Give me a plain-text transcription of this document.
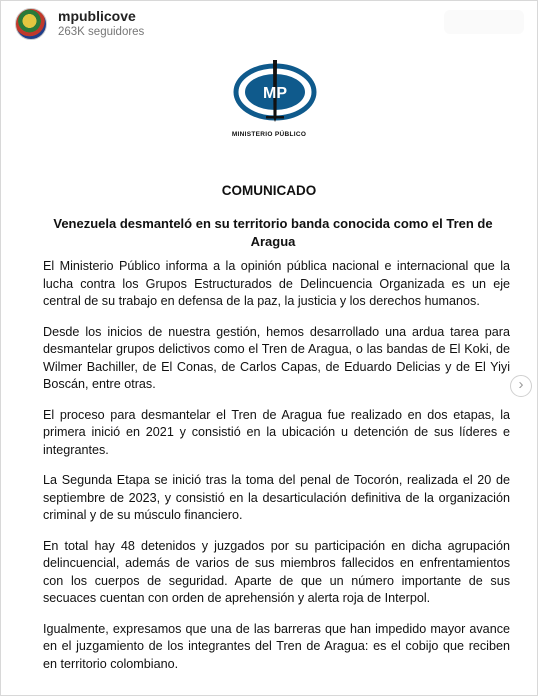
mpublicove
263K seguidores
MP
MINISTERIO PÚBLICO
COMUNICADO
Venezuela desmanteló en su territorio banda conocida como el Tren de Aragua

El Ministerio Público informa a la opinión pública nacional e internacional que la lucha contra los Grupos Estructurados de Delincuencia Organizada es un eje central de su trabajo en defensa de la paz, la justicia y los derechos humanos.

Desde los inicios de nuestra gestión, hemos desarrollado una ardua tarea para desmantelar grupos delictivos como el Tren de Aragua, o las bandas de El Koki, de Wilmer Bachiller, de El Conas, de Carlos Capas, de Eduardo Delicias y de El Yiyi Boscán, entre otras.

El proceso para desmantelar el Tren de Aragua fue realizado en dos etapas, la primera inició en 2021 y consistió en la ubicación u detención de sus líderes e integrantes.

La Segunda Etapa se inició tras la toma del penal de Tocorón, realizada el 20 de septiembre de 2023, y consistió en la desarticulación definitiva de la organización criminal y de su músculo financiero.

En total hay 48 detenidos y juzgados por su participación en dicha agrupación delincuencial, además de varios de sus miembros fallecidos en enfrentamientos con los cuerpos de seguridad. Aparte de que un número importante de sus secuaces cuentan con orden de aprehensión y alerta roja de Interpol.

Igualmente, expresamos que una de las barreras que han impedido mayor avance en el juzgamiento de los integrantes del Tren de Aragua: es el cobijo que reciben en territorio colombiano.

›
